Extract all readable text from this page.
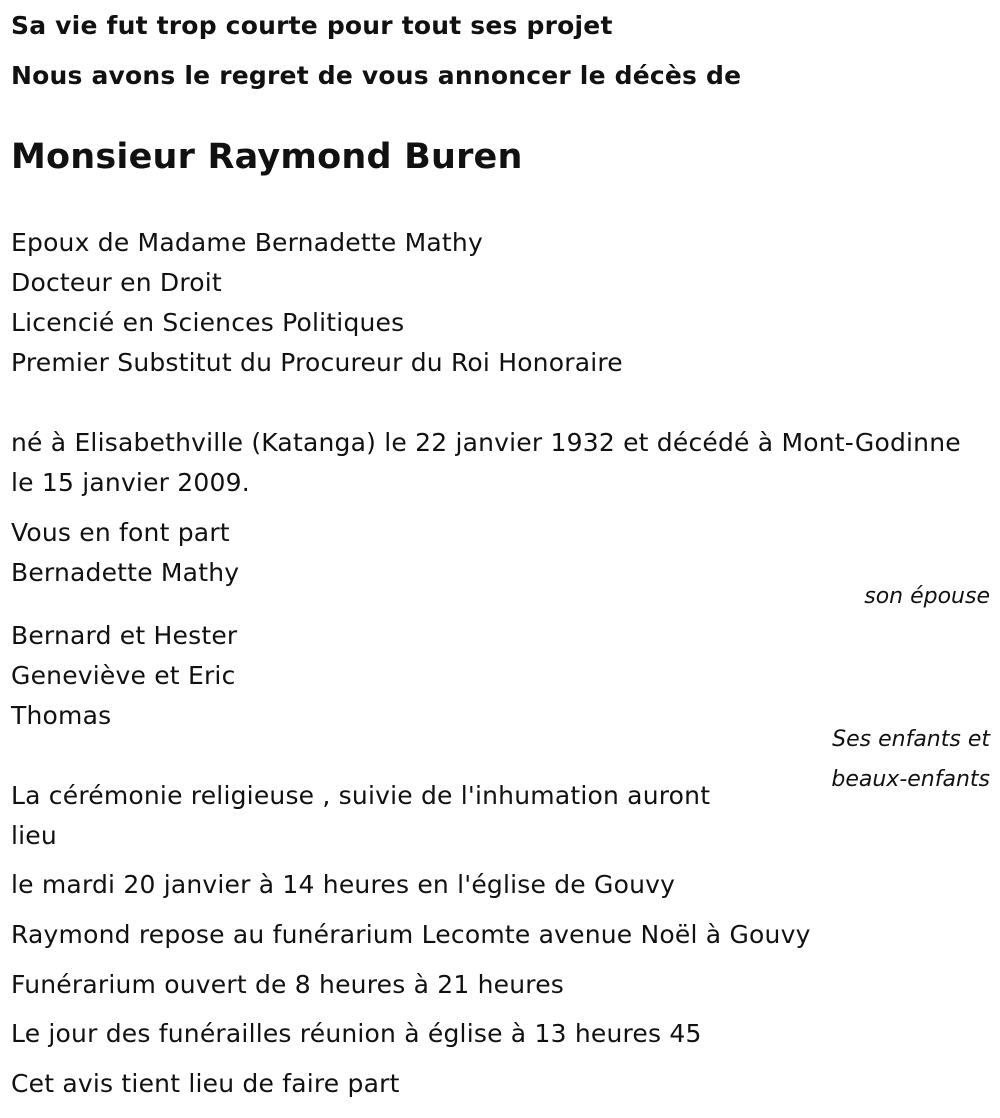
Sa vie fut trop courte pour tout ses projet
Nous avons le regret de vous annoncer le décès de
Monsieur Raymond Buren
Epoux de Madame Bernadette Mathy
Docteur en Droit
Licencié en Sciences Politiques
Premier Substitut du Procureur du Roi Honoraire
né à Elisabethville (Katanga) le 22 janvier 1932 et décédé à Mont-Godinne
le 15 janvier 2009.
Vous en font part
Bernadette Mathy
son épouse
Bernard et Hester
Geneviève et Eric
Thomas
Ses enfants et
beaux-enfants
La cérémonie religieuse , suivie de l'inhumation auront
lieu
le mardi 20 janvier à 14 heures en l'église de Gouvy
Raymond repose au funérarium Lecomte avenue Noël à Gouvy
Funérarium ouvert de 8 heures à 21 heures
Le jour des funérailles réunion à église à 13 heures 45
Cet avis tient lieu de faire part
